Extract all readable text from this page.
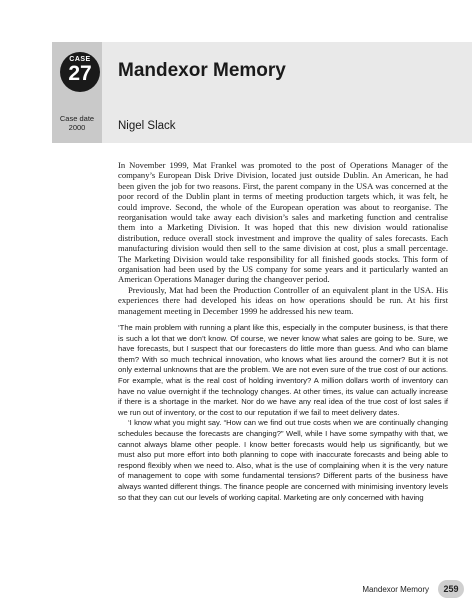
CASE
27	Mandexor Memory
Case date
2000	Nigel Slack

In November 1999, Mat Frankel was promoted to the post of Operations Manager of the company’s European Disk Drive Division, located just outside Dublin. An American, he had been given the job for two reasons. First, the parent company in the USA was concerned at the poor record of the Dublin plant in terms of meeting production targets which, it was felt, he could improve. Second, the whole of the European operation was about to reorganise. The reorganisation would take away each division’s sales and marketing function and centralise them into a Marketing Division. It was hoped that this new division would rationalise distribution, reduce overall stock investment and improve the quality of sales forecasts. Each manufacturing division would then sell to the same division at cost, plus a small percentage. The Marketing Division would take responsibility for all finished goods stocks. This form of organisation had been used by the US company for some years and it particularly wanted an American Operations Manager during the changeover period.

Previously, Mat had been the Production Controller of an equivalent plant in the USA. His experiences there had developed his ideas on how operations should be run. At his first management meeting in December 1999 he addressed his new team.

‘The main problem with running a plant like this, especially in the computer business, is that there is such a lot that we don’t know. Of course, we never know what sales are going to be. Sure, we have forecasts, but I suspect that our forecasters do little more than guess. And who can blame them? With so much technical innovation, who knows what lies around the corner? But it is not only external unknowns that are the problem. We are not even sure of the true cost of our actions. For example, what is the real cost of holding inventory? A million dollars worth of inventory can have no value overnight if the technology changes. At other times, its value can actually increase if there is a shortage in the market. Nor do we have any real idea of the true cost of lost sales if we run out of inventory, or the cost to our reputation if we fail to meet delivery dates.

‘I know what you might say. “How can we find out true costs when we are continually changing schedules because the forecasts are changing?” Well, while I have some sympathy with that, we cannot always blame other people. I know better forecasts would help us significantly, but we must also put more effort into both planning to cope with inaccurate forecasts and being able to respond flexibly when we need to. Also, what is the use of complaining when it is the very nature of management to cope with some fundamental tensions? Different parts of the business have always wanted different things. The finance people are concerned with minimising inventory levels so that they can cut our levels of working capital. Marketing are only concerned with having

Mandexor Memory	259
